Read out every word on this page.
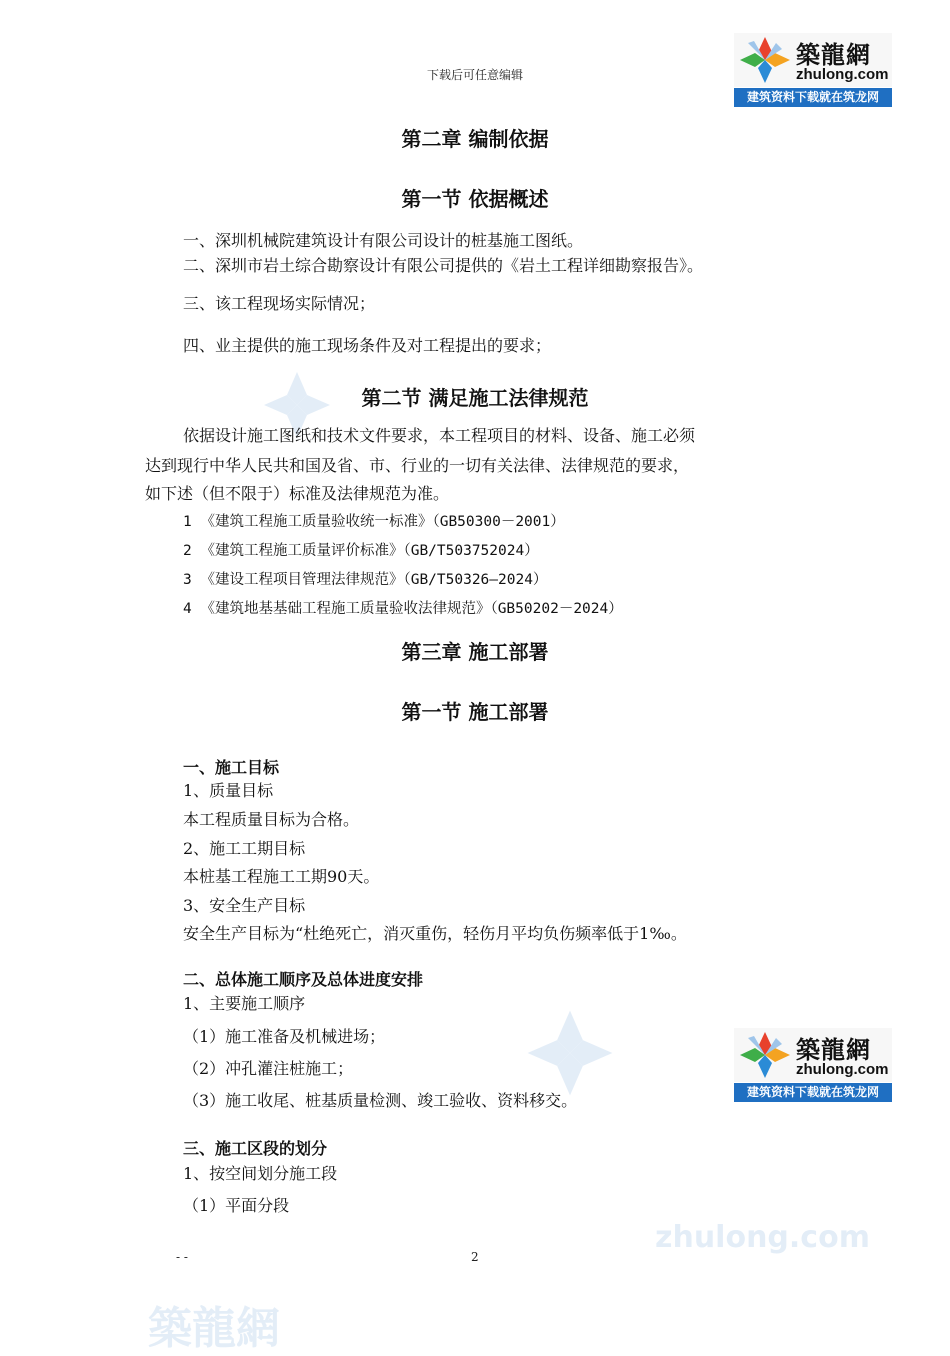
zhulong.com
築龍網
築龍網
zhulong.com
建筑资料下载就在筑龙网
下载后可任意编辑
第二章 编制依据
第一节 依据概述
一、深圳机械院建筑设计有限公司设计的桩基施工图纸。
二、深圳市岩土综合勘察设计有限公司提供的《岩土工程详细勘察报告》。
三、该工程现场实际情况；
四、业主提供的施工现场条件及对工程提出的要求；
第二节 满足施工法律规范
依据设计施工图纸和技术文件要求，本工程项目的材料、设备、施工必须
达到现行中华人民共和国及省、市、行业的一切有关法律、法律规范的要求，
如下述（但不限于）标准及法律规范为准。
1 《建筑工程施工质量验收统一标准》（GB50300－2001）
2 《建筑工程施工质量评价标准》（GB/T503752024）
3 《建设工程项目管理法律规范》（GB/T50326—2024）
4 《建筑地基基础工程施工质量验收法律规范》（GB50202－2024）
第三章 施工部署
第一节 施工部署
一、施工目标
1、质量目标
本工程质量目标为合格。
2、施工工期目标
本桩基工程施工工期90天。
3、安全生产目标
安全生产目标为“杜绝死亡，消灭重伤，轻伤月平均负伤频率低于1‰。
二、总体施工顺序及总体进度安排
1、主要施工顺序
（1）施工准备及机械进场；
（2）冲孔灌注桩施工；
（3）施工收尾、桩基质量检测、竣工验收、资料移交。
築龍網
zhulong.com
建筑资料下载就在筑龙网
三、施工区段的划分
1、按空间划分施工段
（1）平面分段
- -	2
